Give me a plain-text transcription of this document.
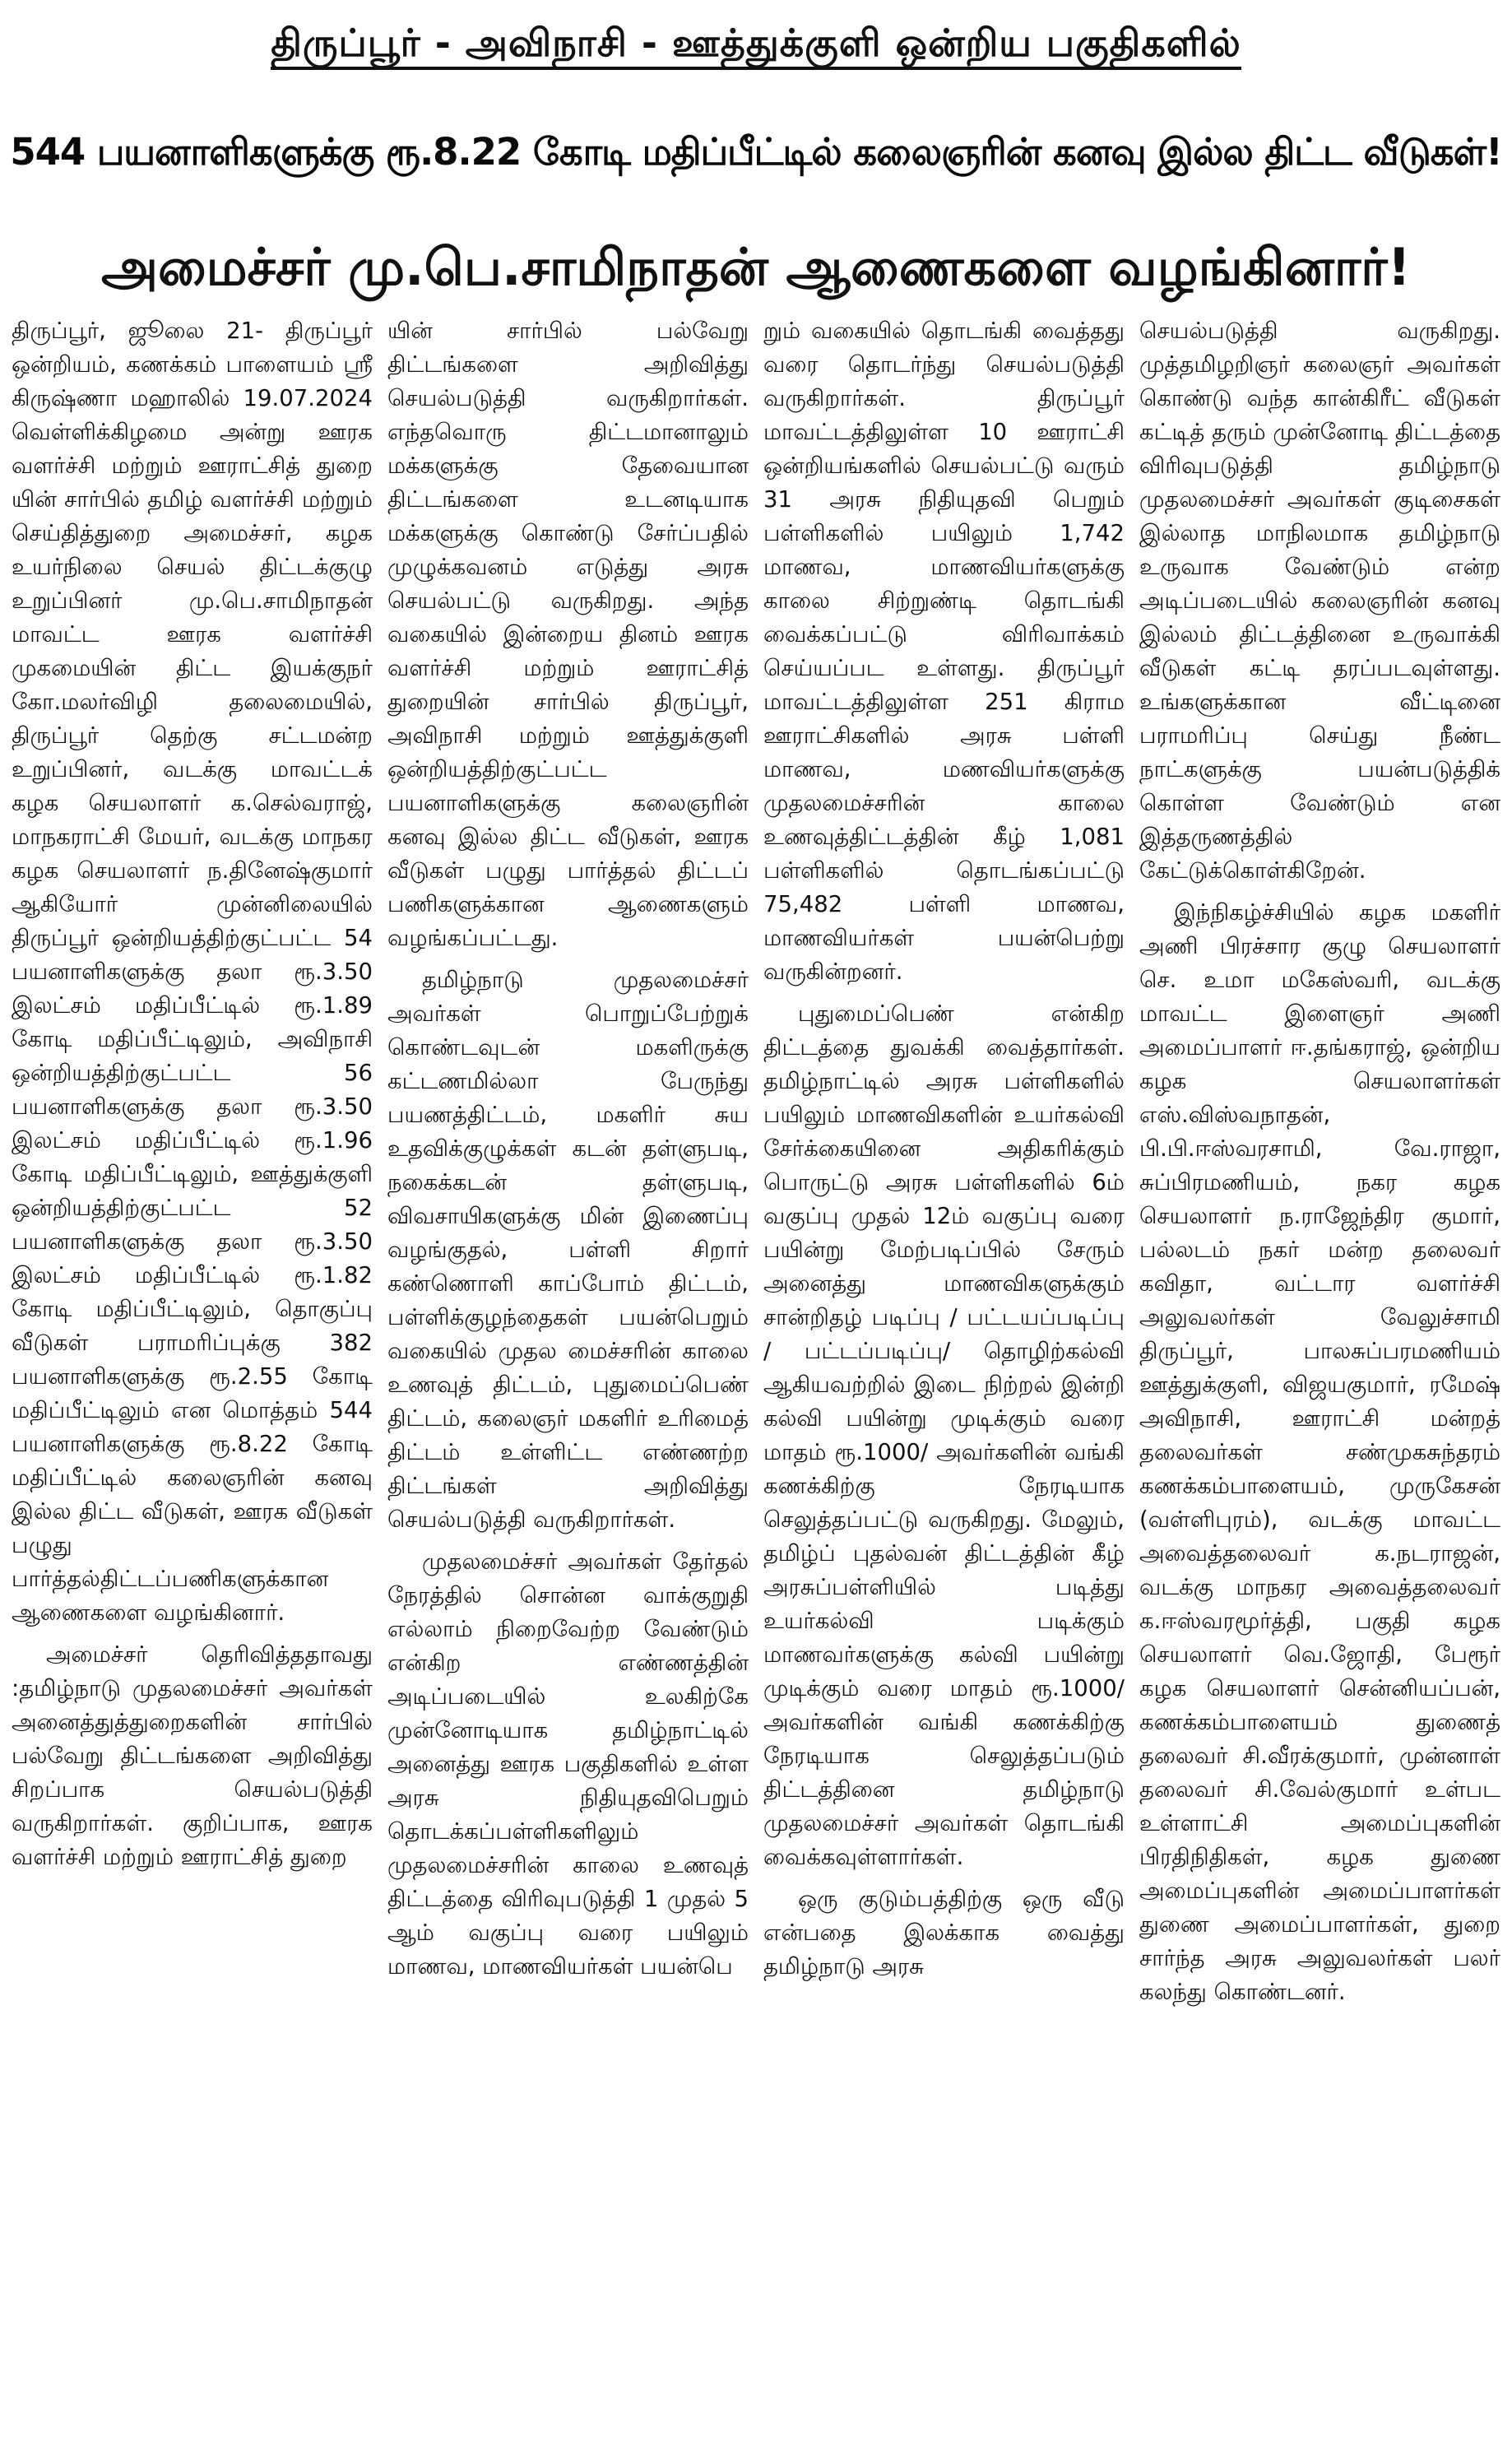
திருப்பூர் - அவிநாசி - ஊத்துக்குளி ஒன்றிய பகுதிகளில்
544 பயனாளிகளுக்கு ரூ.8.22 கோடி மதிப்பீட்டில் கலைஞரின் கனவு இல்ல திட்ட வீடுகள்!
அமைச்சர் மு.பெ.சாமிநாதன் ஆணைகளை வழங்கினார்!

திருப்பூர், ஜூலை 21- திருப்பூர் ஒன்றியம், கணக்கம் பாளையம் ஸ்ரீ கிருஷ்ணா மஹாலில் 19.07.2024 வெள்ளிக்கிழமை அன்று ஊரக வளர்ச்சி மற்றும் ஊராட்சித் துறை யின் சார்பில் தமிழ் வளர்ச்சி மற்றும் செய்தித்துறை அமைச்சர், கழக உயர்நிலை செயல் திட்டக்குழு உறுப்பினர் மு.பெ.சாமிநாதன் மாவட்ட ஊரக வளர்ச்சி முகமையின் திட்ட இயக்குநர் கோ.மலர்விழி தலைமையில், திருப்பூர் தெற்கு சட்டமன்ற உறுப்பினர், வடக்கு மாவட்டக் கழக செயலாளர் க.செல்வராஜ், மாநகராட்சி மேயர், வடக்கு மாநகர கழக செயலாளர் ந.தினேஷ்குமார் ஆகியோர் முன்னிலையில் திருப்பூர் ஒன்றியத்திற்குட்பட்ட 54 பயனாளிகளுக்கு தலா ரூ.3.50 இலட்சம் மதிப்பீட்டில் ரூ.1.89 கோடி மதிப்பீட்டிலும், அவிநாசி ஒன்றியத்திற்குட்பட்ட 56 பயனாளிகளுக்கு தலா ரூ.3.50 இலட்சம் மதிப்பீட்டில் ரூ.1.96 கோடி மதிப்பீட்டிலும், ஊத்துக்குளி ஒன்றியத்திற்குட்பட்ட 52 பயனாளிகளுக்கு தலா ரூ.3.50 இலட்சம் மதிப்பீட்டில் ரூ.1.82 கோடி மதிப்பீட்டிலும், தொகுப்பு வீடுகள் பராமரிப்புக்கு 382 பயனாளிகளுக்கு ரூ.2.55 கோடி மதிப்பீட்டிலும் என மொத்தம் 544 பயனாளிகளுக்கு ரூ.8.22 கோடி மதிப்பீட்டில் கலைஞரின் கனவு இல்ல திட்ட வீடுகள், ஊரக வீடுகள் பழுது பார்த்தல்திட்டப்பணிகளுக்கான ஆணைகளை வழங்கினார்.

அமைச்சர் தெரிவித்ததாவது :தமிழ்நாடு முதலமைச்சர் அவர்கள் அனைத்துத்துறைகளின் சார்பில் பல்வேறு திட்டங்களை அறிவித்து சிறப்பாக செயல்படுத்தி வருகிறார்கள். குறிப்பாக, ஊரக வளர்ச்சி மற்றும் ஊராட்சித் துறை

யின் சார்பில் பல்வேறு திட்டங்களை அறிவித்து செயல்படுத்தி வருகிறார்கள். எந்தவொரு திட்டமானாலும் மக்களுக்கு தேவையான திட்டங்களை உடனடியாக மக்களுக்கு கொண்டு சேர்ப்பதில் முழுக்கவனம் எடுத்து அரசு செயல்பட்டு வருகிறது. அந்த வகையில் இன்றைய தினம் ஊரக வளர்ச்சி மற்றும் ஊராட்சித் துறையின் சார்பில் திருப்பூர், அவிநாசி மற்றும் ஊத்துக்குளி ஒன்றியத்திற்குட்பட்ட பயனாளிகளுக்கு கலைஞரின் கனவு இல்ல திட்ட வீடுகள், ஊரக வீடுகள் பழுது பார்த்தல் திட்டப் பணிகளுக்கான ஆணைகளும் வழங்கப்பட்டது.

தமிழ்நாடு முதலமைச்சர் அவர்கள் பொறுப்பேற்றுக் கொண்டவுடன் மகளிருக்கு கட்டணமில்லா பேருந்து பயணத்திட்டம், மகளிர் சுய உதவிக்குழுக்கள் கடன் தள்ளுபடி, நகைக்கடன் தள்ளுபடி, விவசாயிகளுக்கு மின் இணைப்பு வழங்குதல், பள்ளி சிறார் கண்ணொளி காப்போம் திட்டம், பள்ளிக்குழந்தைகள் பயன்பெறும் வகையில் முதல மைச்சரின் காலை உணவுத் திட்டம், புதுமைப்பெண் திட்டம், கலைஞர் மகளிர் உரிமைத் திட்டம் உள்ளிட்ட எண்ணற்ற திட்டங்கள் அறிவித்து செயல்படுத்தி வருகிறார்கள்.

முதலமைச்சர் அவர்கள் தேர்தல் நேரத்தில் சொன்ன வாக்குறுதி எல்லாம் நிறைவேற்ற வேண்டும் என்கிற எண்ணத்தின் அடிப்படையில் உலகிற்கே முன்னோடியாக தமிழ்நாட்டில் அனைத்து ஊரக பகுதிகளில் உள்ள அரசு நிதியுதவிபெறும் தொடக்கப்பள்ளிகளிலும் முதலமைச்சரின் காலை உணவுத் திட்டத்தை விரிவுபடுத்தி 1 முதல் 5 ஆம் வகுப்பு வரை பயிலும் மாணவ, மாணவியர்கள் பயன்பெ

றும் வகையில் தொடங்கி வைத்தது வரை தொடர்ந்து செயல்படுத்தி வருகிறார்கள். திருப்பூர் மாவட்டத்திலுள்ள 10 ஊராட்சி ஒன்றியங்களில் செயல்பட்டு வரும் 31 அரசு நிதியுதவி பெறும் பள்ளிகளில் பயிலும் 1,742 மாணவ, மாணவியர்களுக்கு காலை சிற்றுண்டி தொடங்கி வைக்கப்பட்டு விரிவாக்கம் செய்யப்பட உள்ளது. திருப்பூர் மாவட்டத்திலுள்ள 251 கிராம ஊராட்சிகளில் அரசு பள்ளி மாணவ, மணவியர்களுக்கு முதலமைச்சரின் காலை உணவுத்திட்டத்தின் கீழ் 1,081 பள்ளிகளில் தொடங்கப்பட்டு 75,482 பள்ளி மாணவ, மாணவியர்கள் பயன்பெற்று வருகின்றனர்.

புதுமைப்பெண் என்கிற திட்டத்தை துவக்கி வைத்தார்கள். தமிழ்நாட்டில் அரசு பள்ளிகளில் பயிலும் மாணவிகளின் உயர்கல்வி சேர்க்கையினை அதிகரிக்கும் பொருட்டு அரசு பள்ளிகளில் 6ம் வகுப்பு முதல் 12ம் வகுப்பு வரை பயின்று மேற்படிப்பில் சேரும் அனைத்து மாணவிகளுக்கும் சான்றிதழ் படிப்பு / பட்டயப்படிப்பு / பட்டப்படிப்பு/ தொழிற்கல்வி ஆகியவற்றில் இடை நிற்றல் இன்றி கல்வி பயின்று முடிக்கும் வரை மாதம் ரூ.1000/ அவர்களின் வங்கி கணக்கிற்கு நேரடியாக செலுத்தப்பட்டு வருகிறது. மேலும், தமிழ்ப் புதல்வன் திட்டத்தின் கீழ் அரசுப்பள்ளியில் படித்து உயர்கல்வி படிக்கும் மாணவர்களுக்கு கல்வி பயின்று முடிக்கும் வரை மாதம் ரூ.1000/ அவர்களின் வங்கி கணக்கிற்கு நேரடியாக செலுத்தப்படும் திட்டத்தினை தமிழ்நாடு முதலமைச்சர் அவர்கள் தொடங்கி வைக்கவுள்ளார்கள்.

ஒரு குடும்பத்திற்கு ஒரு வீடு என்பதை இலக்காக வைத்து தமிழ்நாடு அரசு

செயல்படுத்தி வருகிறது. முத்தமிழறிஞர் கலைஞர் அவர்கள் கொண்டு வந்த கான்கிரீட் வீடுகள் கட்டித் தரும் முன்னோடி திட்டத்தை விரிவுபடுத்தி தமிழ்நாடு முதலமைச்சர் அவர்கள் குடிசைகள் இல்லாத மாநிலமாக தமிழ்நாடு உருவாக வேண்டும் என்ற அடிப்படையில் கலைஞரின் கனவு இல்லம் திட்டத்தினை உருவாக்கி வீடுகள் கட்டி தரப்படவுள்ளது. உங்களுக்கான வீட்டினை பராமரிப்பு செய்து நீண்ட நாட்களுக்கு பயன்படுத்திக் கொள்ள வேண்டும் என இத்தருணத்தில் கேட்டுக்கொள்கிறேன்.

இந்நிகழ்ச்சியில் கழக மகளிர் அணி பிரச்சார குழு செயலாளர் செ. உமா மகேஸ்வரி, வடக்கு மாவட்ட இளைஞர் அணி அமைப்பாளர் ஈ.தங்கராஜ், ஒன்றிய கழக செயலாளர்கள் எஸ்.விஸ்வநாதன், பி.பி.ஈஸ்வரசாமி, வே.ராஜா, சுப்பிரமணியம், நகர கழக செயலாளர் ந.ராஜேந்திர குமார், பல்லடம் நகர் மன்ற தலைவர் கவிதா, வட்டார வளர்ச்சி அலுவலர்கள் வேலுச்சாமி திருப்பூர், பாலசுப்பரமணியம் ஊத்துக்குளி, விஜயகுமார், ரமேஷ் அவிநாசி, ஊராட்சி மன்றத் தலைவர்கள் சண்முகசுந்தரம் கணக்கம்பாளையம், முருகேசன் (வள்ளிபுரம்), வடக்கு மாவட்ட அவைத்தலைவர் க.நடராஜன், வடக்கு மாநகர அவைத்தலைவர் க.ஈஸ்வரமூர்த்தி, பகுதி கழக செயலாளர் வெ.ஜோதி, பேரூர் கழக செயலாளர் சென்னியப்பன், கணக்கம்பாளையம் துணைத் தலைவர் சி.வீரக்குமார், முன்னாள் தலைவர் சி.வேல்குமார் உள்பட உள்ளாட்சி அமைப்புகளின் பிரதிநிதிகள், கழக துணை அமைப்புகளின் அமைப்பாளர்கள் துணை அமைப்பாளர்கள், துறை சார்ந்த அரசு அலுவலர்கள் பலர் கலந்து கொண்டனர்.
